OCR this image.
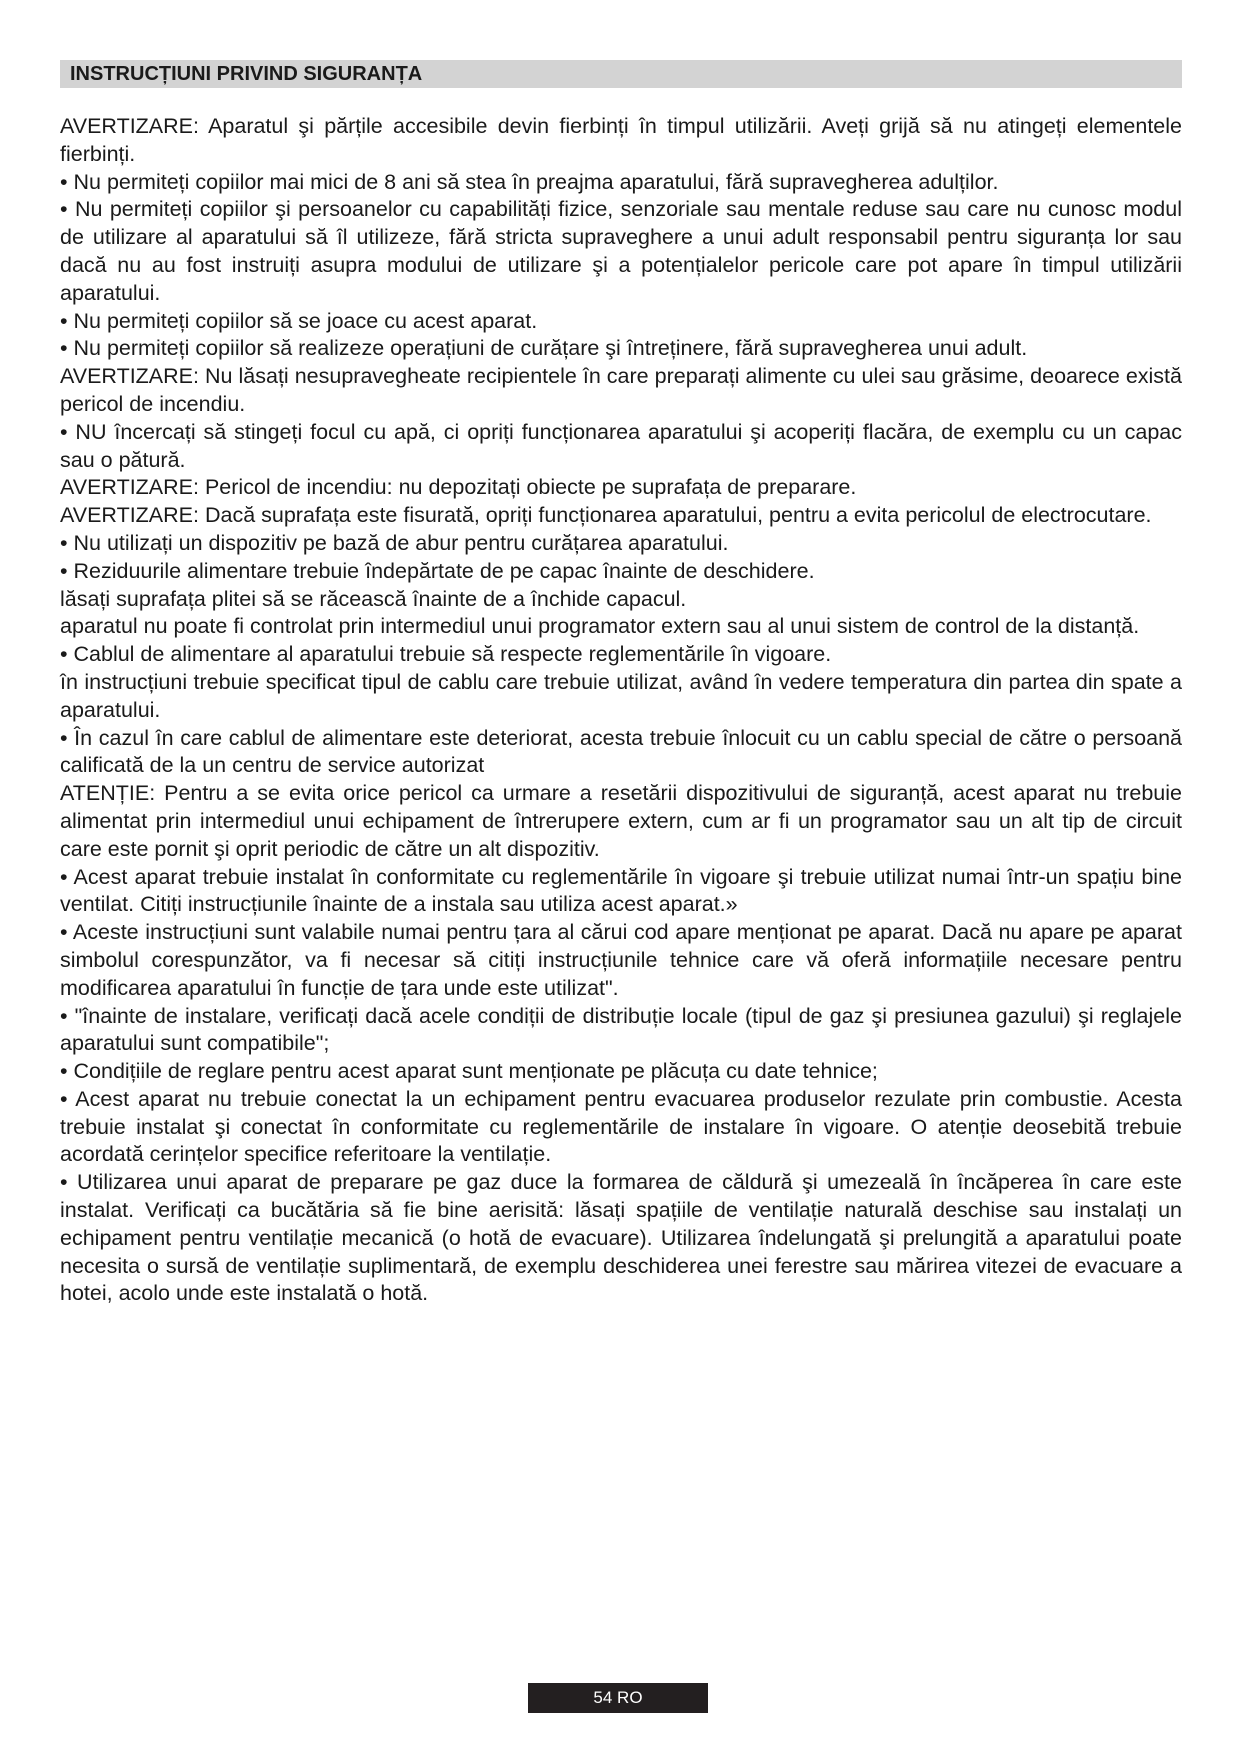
INSTRUCȚIUNI PRIVIND SIGURANȚA

AVERTIZARE: Aparatul şi părțile accesibile devin fierbinți în timpul utilizării. Aveți grijă să nu atingeți elementele fierbinți.

• Nu permiteți copiilor mai mici de 8 ani să stea în preajma aparatului, fără supravegherea adulților.

• Nu permiteți copiilor şi persoanelor cu capabilități fizice, senzoriale sau mentale reduse sau care nu cunosc modul de utilizare al aparatului să îl utilizeze, fără stricta supraveghere a unui adult responsabil pentru siguranța lor sau dacă nu au fost instruiți asupra modului de utilizare şi a potențialelor pericole care pot apare în timpul utilizării aparatului.

• Nu permiteți copiilor să se joace cu acest aparat.

• Nu permiteți copiilor să realizeze operațiuni de curățare şi întreținere, fără supravegherea unui adult.

AVERTIZARE: Nu lăsați nesupravegheate recipientele în care preparați alimente cu ulei sau grăsime, deoarece există pericol de incendiu.

• NU încercați să stingeți focul cu apă, ci opriți funcționarea aparatului şi acoperiți flacăra, de exemplu cu un capac sau o pătură.

AVERTIZARE: Pericol de incendiu: nu depozitați obiecte pe suprafața de preparare.

AVERTIZARE: Dacă suprafața este fisurată, opriți funcționarea aparatului, pentru a evita pericolul de electrocutare.

• Nu utilizați un dispozitiv pe bază de abur pentru curățarea aparatului.

• Reziduurile alimentare trebuie îndepărtate de pe capac înainte de deschidere.

lăsați suprafața plitei să se răcească înainte de a închide capacul.

aparatul nu poate fi controlat prin intermediul unui programator extern sau al unui sistem de control de la distanță.

• Cablul de alimentare al aparatului trebuie să respecte reglementările în vigoare.

în instrucțiuni trebuie specificat tipul de cablu care trebuie utilizat, având în vedere temperatura din partea din spate a aparatului.

• În cazul în care cablul de alimentare este deteriorat, acesta trebuie înlocuit cu un cablu special de către o persoană calificată de la un centru de service autorizat

ATENȚIE: Pentru a se evita orice pericol ca urmare a resetării dispozitivului de siguranță, acest aparat nu trebuie alimentat prin intermediul unui echipament de întrerupere extern, cum ar fi un programator sau un alt tip de circuit care este pornit şi oprit periodic de către un alt dispozitiv.

• Acest aparat trebuie instalat în conformitate cu reglementările în vigoare şi trebuie utilizat numai într-un spațiu bine ventilat. Citiți instrucțiunile înainte de a instala sau utiliza acest aparat.»

• Aceste instrucțiuni sunt valabile numai pentru țara al cărui cod apare menționat pe aparat. Dacă nu apare pe aparat simbolul corespunzător, va fi necesar să citiți instrucțiunile tehnice care vă oferă informațiile necesare pentru modificarea aparatului în funcție de țara unde este utilizat".

• "înainte de instalare, verificați dacă acele condiții de distribuție locale (tipul de gaz şi presiunea gazului) şi reglajele aparatului sunt compatibile";

• Condițiile de reglare pentru acest aparat sunt menționate pe plăcuța cu date tehnice;

• Acest aparat nu trebuie conectat la un echipament pentru evacuarea produselor rezulate prin combustie. Acesta trebuie instalat şi conectat în conformitate cu reglementările de instalare în vigoare. O atenție deosebită trebuie acordată cerințelor specifice referitoare la ventilație.

• Utilizarea unui aparat de preparare pe gaz duce la formarea de căldură şi umezeală în încăperea în care este instalat. Verificați ca bucătăria să fie bine aerisită: lăsați spațiile de ventilație naturală deschise sau instalați un echipament pentru ventilație mecanică (o hotă de evacuare). Utilizarea îndelungată şi prelungită a aparatului poate necesita o sursă de ventilație suplimentară, de exemplu deschiderea unei ferestre sau mărirea vitezei de evacuare a hotei, acolo unde este instalată o hotă.

54 RO
